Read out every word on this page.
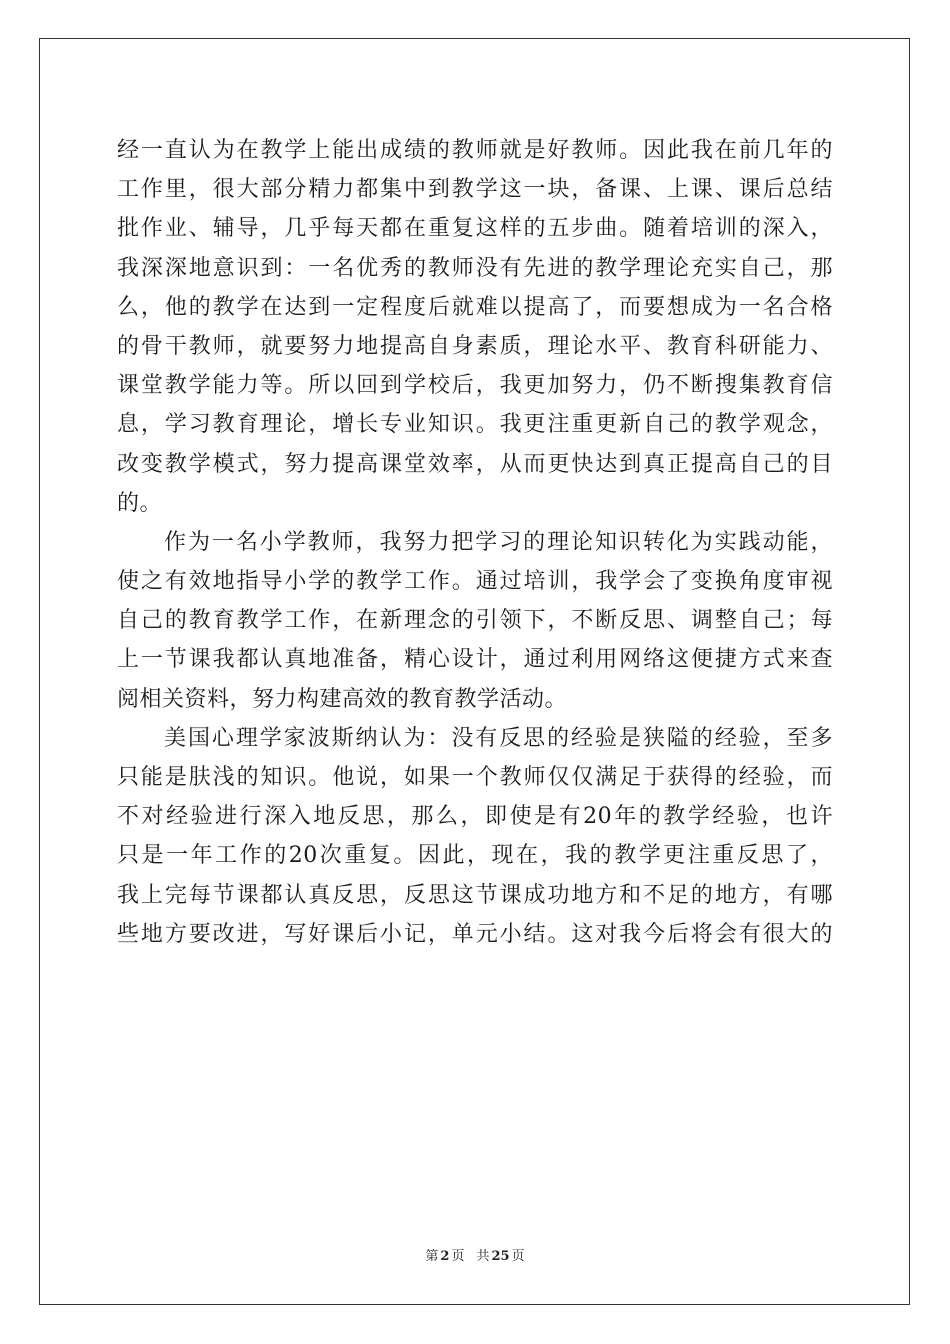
经一直认为在教学上能出成绩的教师就是好教师。因此我在前几年的
工作里，很大部分精力都集中到教学这一块，备课、上课、课后总结
批作业、辅导，几乎每天都在重复这样的五步曲。随着培训的深入，
我深深地意识到：一名优秀的教师没有先进的教学理论充实自己，那
么，他的教学在达到一定程度后就难以提高了，而要想成为一名合格
的骨干教师，就要努力地提高自身素质，理论水平、教育科研能力、
课堂教学能力等。所以回到学校后，我更加努力，仍不断搜集教育信
息，学习教育理论，增长专业知识。我更注重更新自己的教学观念，
改变教学模式，努力提高课堂效率，从而更快达到真正提高自己的目
的。
作为一名小学教师，我努力把学习的理论知识转化为实践动能，
使之有效地指导小学的教学工作。通过培训，我学会了变换角度审视
自己的教育教学工作，在新理念的引领下，不断反思、调整自己；每
上一节课我都认真地准备，精心设计，通过利用网络这便捷方式来查
阅相关资料，努力构建高效的教育教学活动。
美国心理学家波斯纳认为：没有反思的经验是狭隘的经验，至多
只能是肤浅的知识。他说，如果一个教师仅仅满足于获得的经验，而
不对经验进行深入地反思，那么，即使是有20年的教学经验，也许
只是一年工作的20次重复。因此，现在，我的教学更注重反思了，
我上完每节课都认真反思，反思这节课成功地方和不足的地方，有哪
些地方要改进，写好课后小记，单元小结。这对我今后将会有很大的
第 2 页 共 25 页
